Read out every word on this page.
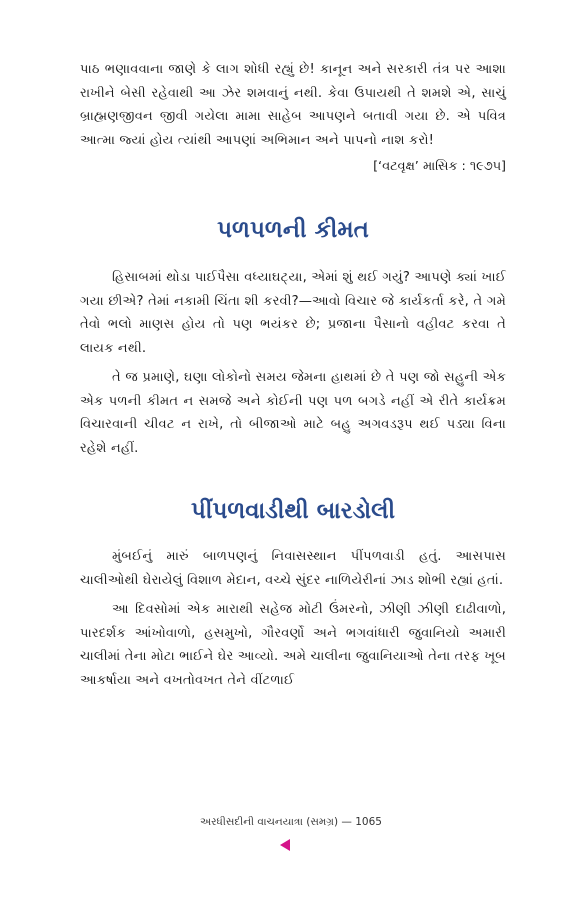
પાઠ ભણાવવાના જાણે કે લાગ શોધી રહ્યું છે! કાનૂન અને સરકારી તંત્ર પર આશા રાખીને બેસી રહેવાથી આ ઝેર શમવાનું નથી. કેવા ઉપાયથી તે શમશે એ, સાચું બ્રાહ્મણજીવન જીવી ગયેલા મામા સાહેબ આપણને બતાવી ગયા છે. એ પવિત્ર આત્મા જ્યાં હોય ત્યાંથી આપણાં અભિમાન અને પાપનો નાશ કરો!

[‘વટવૃક્ષ’ માસિક : ૧૯૭૫]
પળપળની કીમત

હિસાબમાં થોડા પાઈપૈસા વધ્યાઘટ્યા, એમાં શું થઈ ગયું? આપણે ક્યાં ખાઈ ગયા છીએ? તેમાં નકામી ચિંતા શી કરવી?—આવો વિચાર જે કાર્યકર્તા કરે, તે ગમે તેવો ભલો માણસ હોય તો પણ ભયંકર છે; પ્રજાના પૈસાનો વહીવટ કરવા તે લાયક નથી.

તે જ પ્રમાણે, ઘણા લોકોનો સમય જેમના હાથમાં છે તે પણ જો સહુની એક એક પળની કીમત ન સમજે અને કોઈની પણ પળ બગડે નહીં એ રીતે કાર્યક્રમ વિચારવાની ચીવટ ન રાખે, તો બીજાઓ માટે બહુ અગવડરૂપ થઈ પડ્યા વિના રહેશે નહીં.

પીંપળવાડીથી બારડોલી

મુંબઈનું મારું બાળપણનું નિવાસસ્થાન પીંપળવાડી હતું. આસપાસ ચાલીઓથી ઘેરાયેલું વિશાળ મેદાન, વચ્ચે સુંદર નાળિયેરીનાં ઝાડ શોભી રહ્યાં હતાં.

આ દિવસોમાં એક મારાથી સહેજ મોટી ઉંમરનો, ઝીણી ઝીણી દાઢીવાળો, પારદર્શક આંખોવાળો, હસમુખો, ગૌરવર્ણો અને ભગવાંધારી જુવાનિયો અમારી ચાલીમાં તેના મોટા ભાઈને ઘેર આવ્યો. અમે ચાલીના જુવાનિયાઓ તેના તરફ ખૂબ આકર્ષાયા અને વખતોવખત તેને વીંટળાઈ

અરધીસદીની વાચનયાત્રા (સમગ્ર) — 1065
